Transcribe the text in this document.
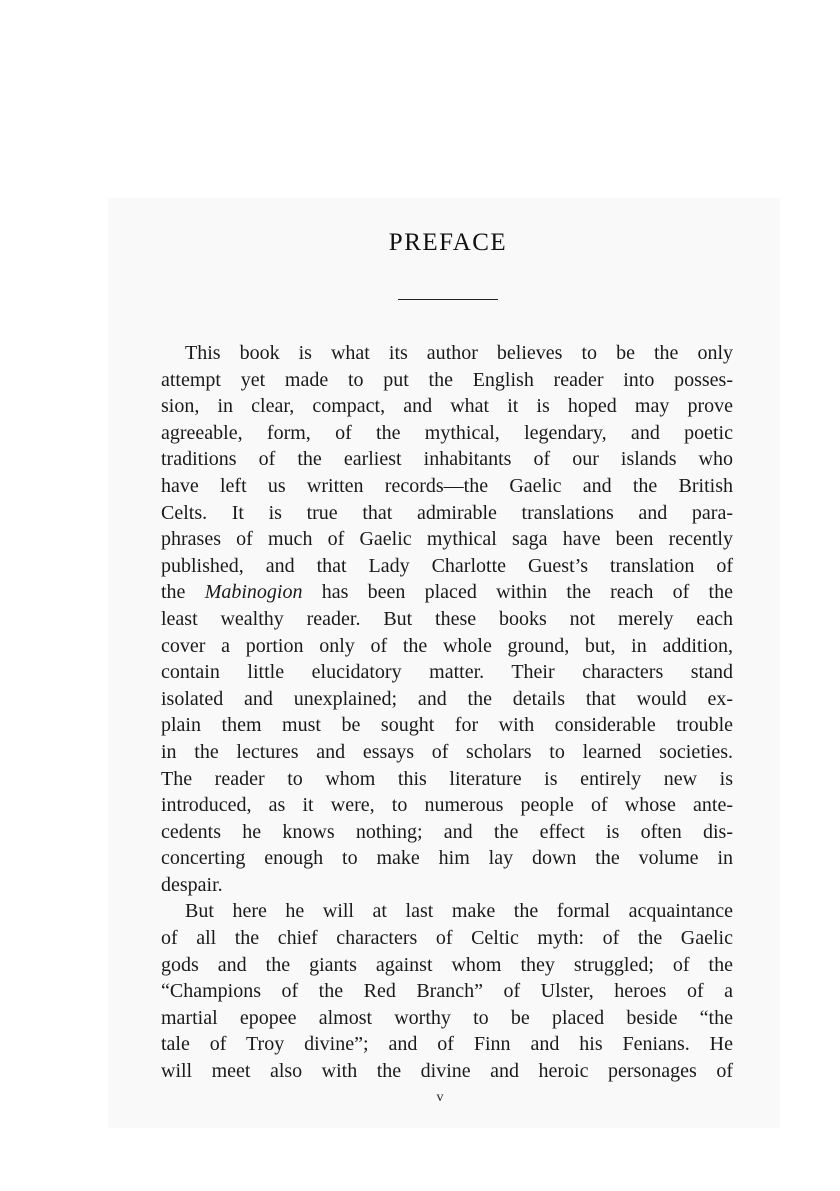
PREFACE
This book is what its author believes to be the only
attempt yet made to put the English reader into posses-
sion, in clear, compact, and what it is hoped may prove
agreeable, form, of the mythical, legendary, and poetic
traditions of the earliest inhabitants of our islands who
have left us written records—the Gaelic and the British
Celts. It is true that admirable translations and para-
phrases of much of Gaelic mythical saga have been recently
published, and that Lady Charlotte Guest’s translation of
the Mabinogion has been placed within the reach of the
least wealthy reader. But these books not merely each
cover a portion only of the whole ground, but, in addition,
contain little elucidatory matter. Their characters stand
isolated and unexplained; and the details that would ex-
plain them must be sought for with considerable trouble
in the lectures and essays of scholars to learned societies.
The reader to whom this literature is entirely new is
introduced, as it were, to numerous people of whose ante-
cedents he knows nothing; and the effect is often dis-
concerting enough to make him lay down the volume in
despair.
But here he will at last make the formal acquaintance
of all the chief characters of Celtic myth: of the Gaelic
gods and the giants against whom they struggled; of the
“Champions of the Red Branch” of Ulster, heroes of a
martial epopee almost worthy to be placed beside “the
tale of Troy divine”; and of Finn and his Fenians. He
will meet also with the divine and heroic personages of
v
